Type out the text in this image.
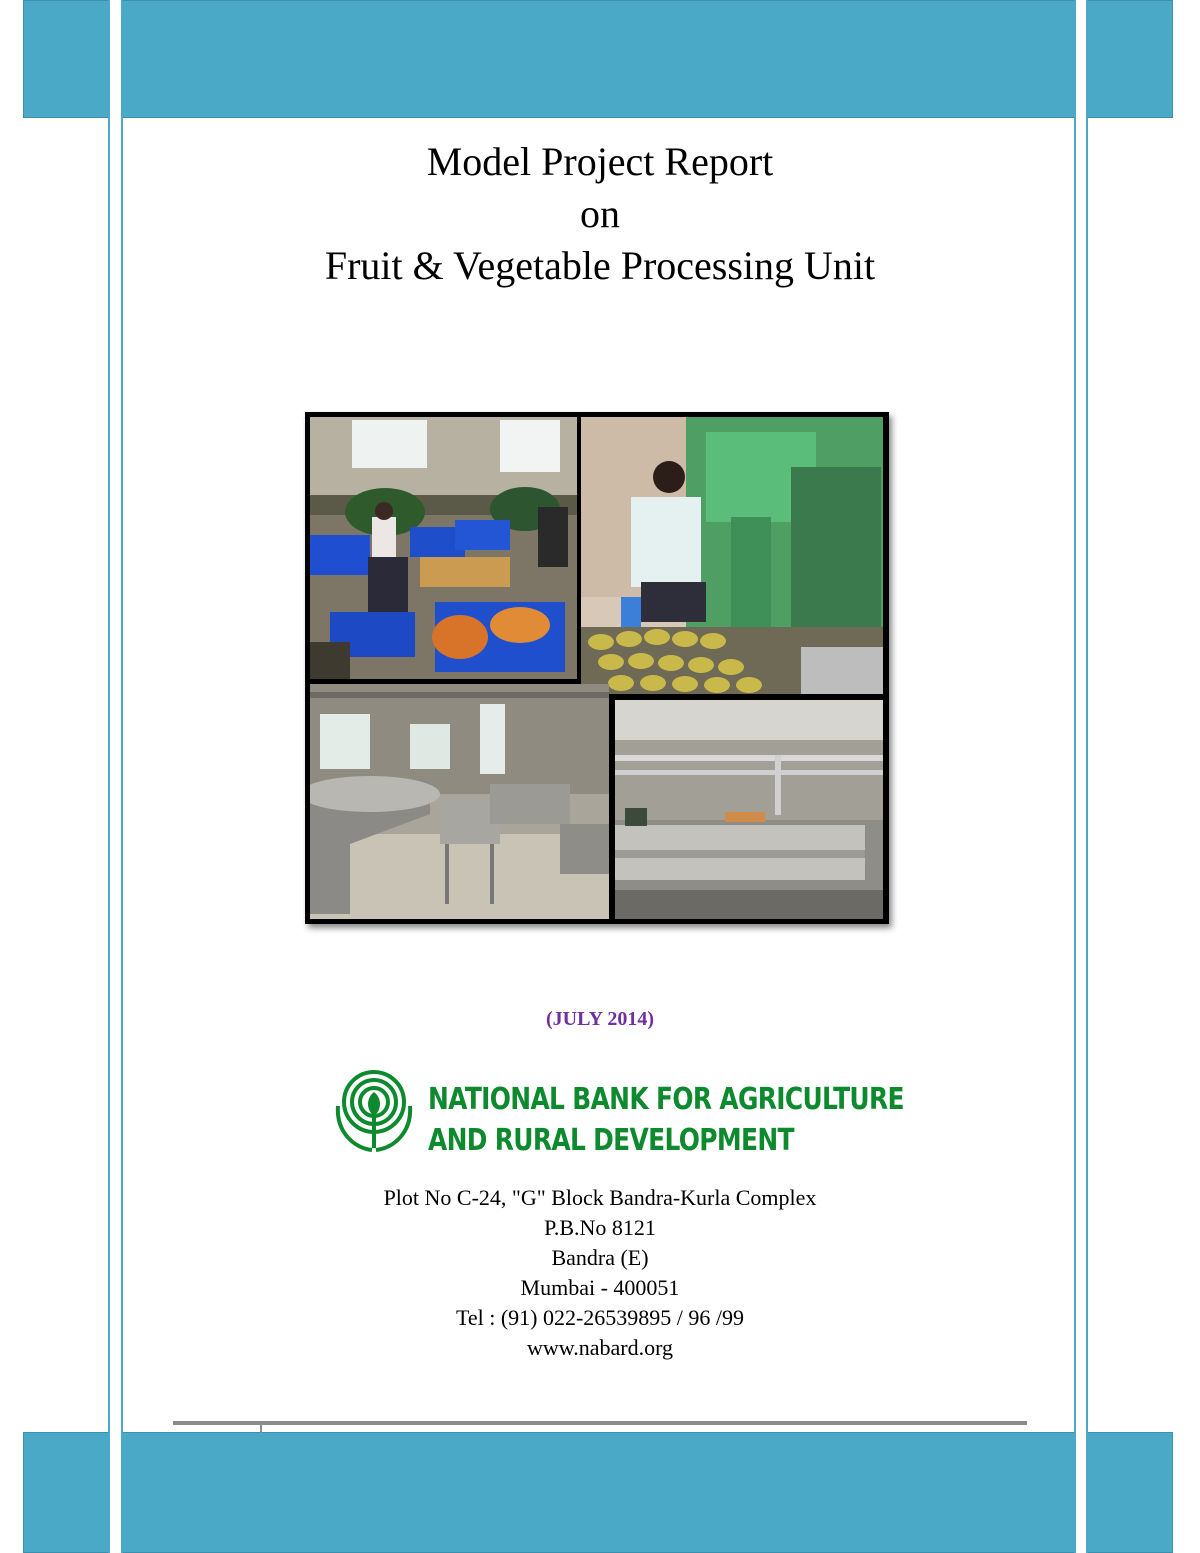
Model Project Report
on
Fruit & Vegetable Processing Unit
(JULY 2014)
NATIONAL BANK FOR AGRICULTURE
AND RURAL DEVELOPMENT
Plot No C-24, "G" Block Bandra-Kurla Complex
P.B.No 8121
Bandra (E)
Mumbai - 400051
Tel : (91) 022-26539895 / 96 /99
www.nabard.org
